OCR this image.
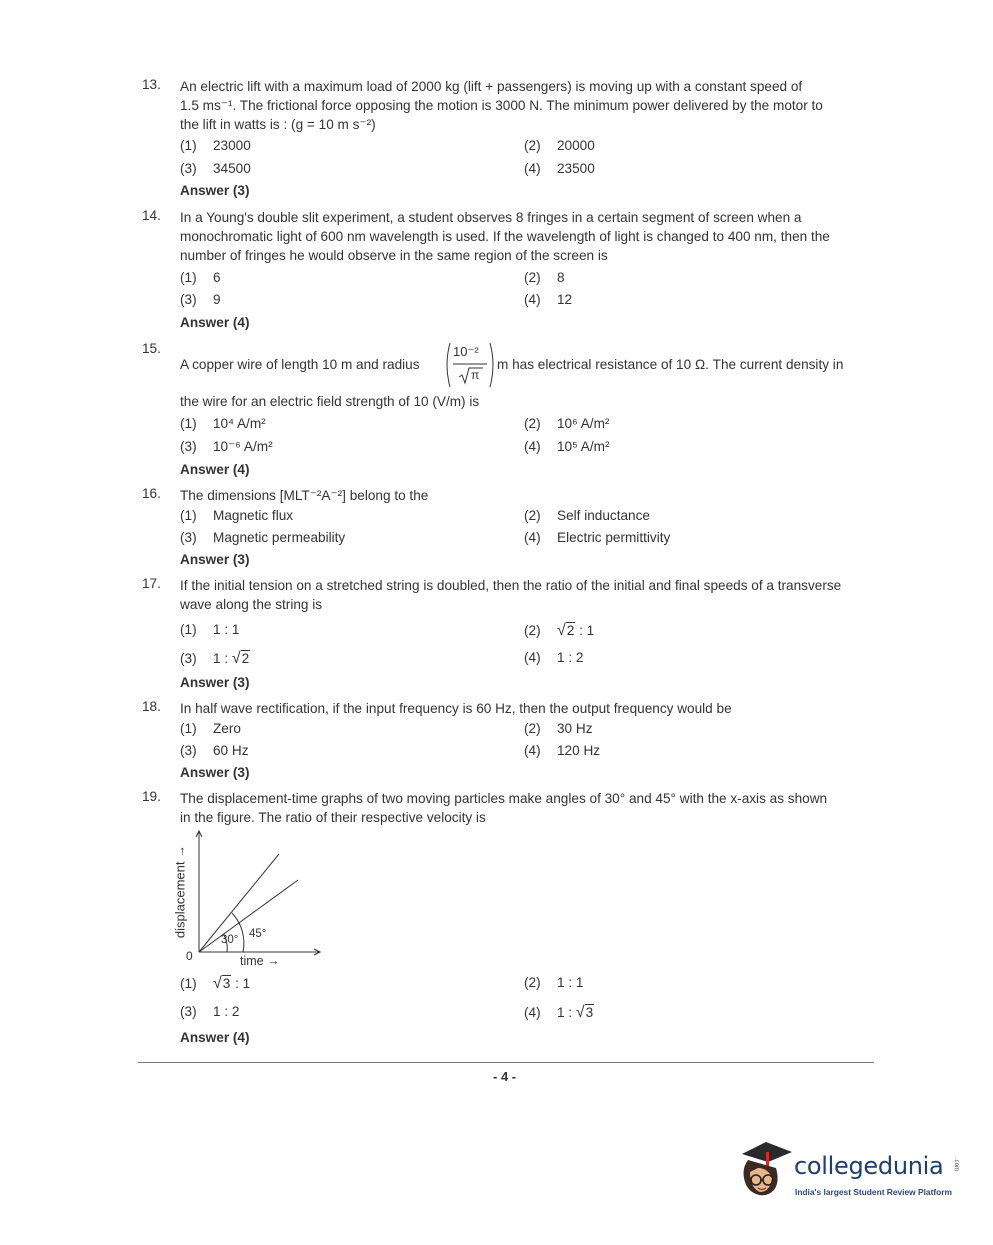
13. An electric lift with a maximum load of 2000 kg (lift + passengers) is moving up with a constant speed of
1.5 ms⁻¹. The frictional force opposing the motion is 3000 N. The minimum power delivered by the motor to
the lift in watts is : (g = 10 m s⁻²)
(1) 23000	(2) 20000
(3) 34500	(4) 23500
Answer (3)
14. In a Young's double slit experiment, a student observes 8 fringes in a certain segment of screen when a
monochromatic light of 600 nm wavelength is used. If the wavelength of light is changed to 400 nm, then the
number of fringes he would observe in the same region of the screen is
(1) 6	(2) 8
(3) 9	(4) 12
Answer (4)
15.
A copper wire of length 10 m and radius
10⁻²
π
m has electrical resistance of 10 Ω. The current density in
the wire for an electric field strength of 10 (V/m) is
(1) 10⁴ A/m²	(2) 10⁶ A/m²
(3) 10⁻⁶ A/m²	(4) 10⁵ A/m²
Answer (4)
16. The dimensions [MLT⁻²A⁻²] belong to the
(1) Magnetic flux	(2) Self inductance
(3) Magnetic permeability	(4) Electric permittivity
Answer (3)
17. If the initial tension on a stretched string is doubled, then the ratio of the initial and final speeds of a transverse
wave along the string is
(1) 1 : 1	(2) √2 : 1
(3) 1 : √2	(4) 1 : 2
Answer (3)
18. In half wave rectification, if the input frequency is 60 Hz, then the output frequency would be
(1) Zero	(2) 30 Hz
(3) 60 Hz	(4) 120 Hz
Answer (3)
19. The displacement-time graphs of two moving particles make angles of 30° and 45° with the x-axis as shown
in the figure. The ratio of their respective velocity is
displacement →
0
30° 45°
time →
(1) √3 : 1	(2) 1 : 1
(3) 1 : 2	(4) 1 : √3
Answer (4)
- 4 -
collegedunia .com
India's largest Student Review Platform
